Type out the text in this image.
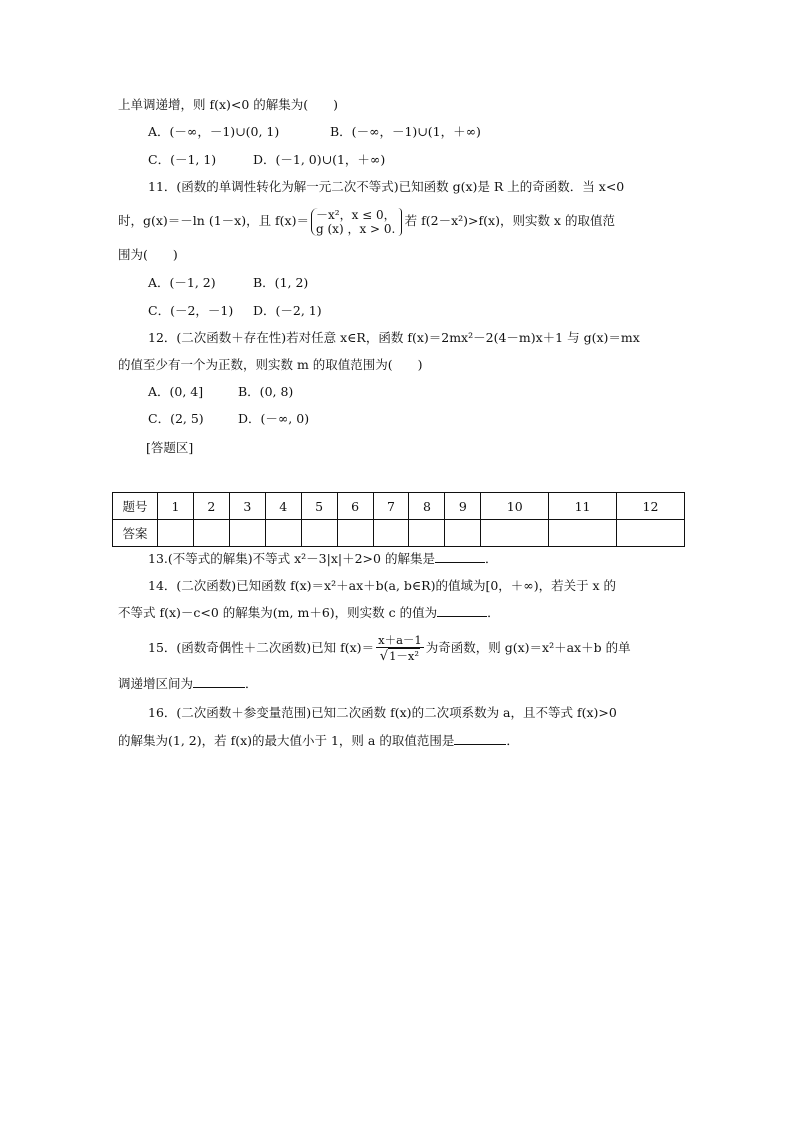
上单调递增，则 f(x)<0 的解集为(　　)
A．(－∞，－1)∪(0, 1)	B．(－∞，－1)∪(1，＋∞)
C．(－1, 1)	D．(－1, 0)∪(1，＋∞)
11．(函数的单调性转化为解一元二次不等式)已知函数 g(x)是 R 上的奇函数．当 x<0
时，g(x)＝－ln (1－x)，且 f(x)＝ －x²，x ≤ 0，
g (x) ，x > 0.
若 f(2－x²)>f(x)，则实数 x 的取值范
围为(　　)
A．(－1, 2)	B．(1, 2)
C．(－2，－1) D．(－2, 1)
12．(二次函数＋存在性)若对任意 x∈R，函数 f(x)＝2mx²－2(4－m)x＋1 与 g(x)＝mx
的值至少有一个为正数，则实数 m 的取值范围为(　　)
A．(0, 4]	B．(0, 8)
C．(2, 5)	D．(－∞, 0)
[答题区]
题号	1	2	3	4	5	6	7	8	9	10	11	12
答案												
13.(不等式的解集)不等式 x²－3|x|＋2>0 的解集是	．
14．(二次函数)已知函数 f(x)＝x²＋ax＋b(a, b∈R)的值域为[0，＋∞)，若关于 x 的
不等式 f(x)－c<0 的解集为(m, m＋6)，则实数 c 的值为	．
15．(函数奇偶性＋二次函数)已知 $f(x)= \frac{x+a-1}{\text{√1－x²}}$ 为奇函数，则 g(x)＝x²＋ax＋b 的单
调递增区间为	．
16．(二次函数＋参变量范围)已知二次函数 f(x)的二次项系数为 a，且不等式 f(x)>0
的解集为(1, 2)，若 f(x)的最大值小于 1，则 a 的取值范围是	．
